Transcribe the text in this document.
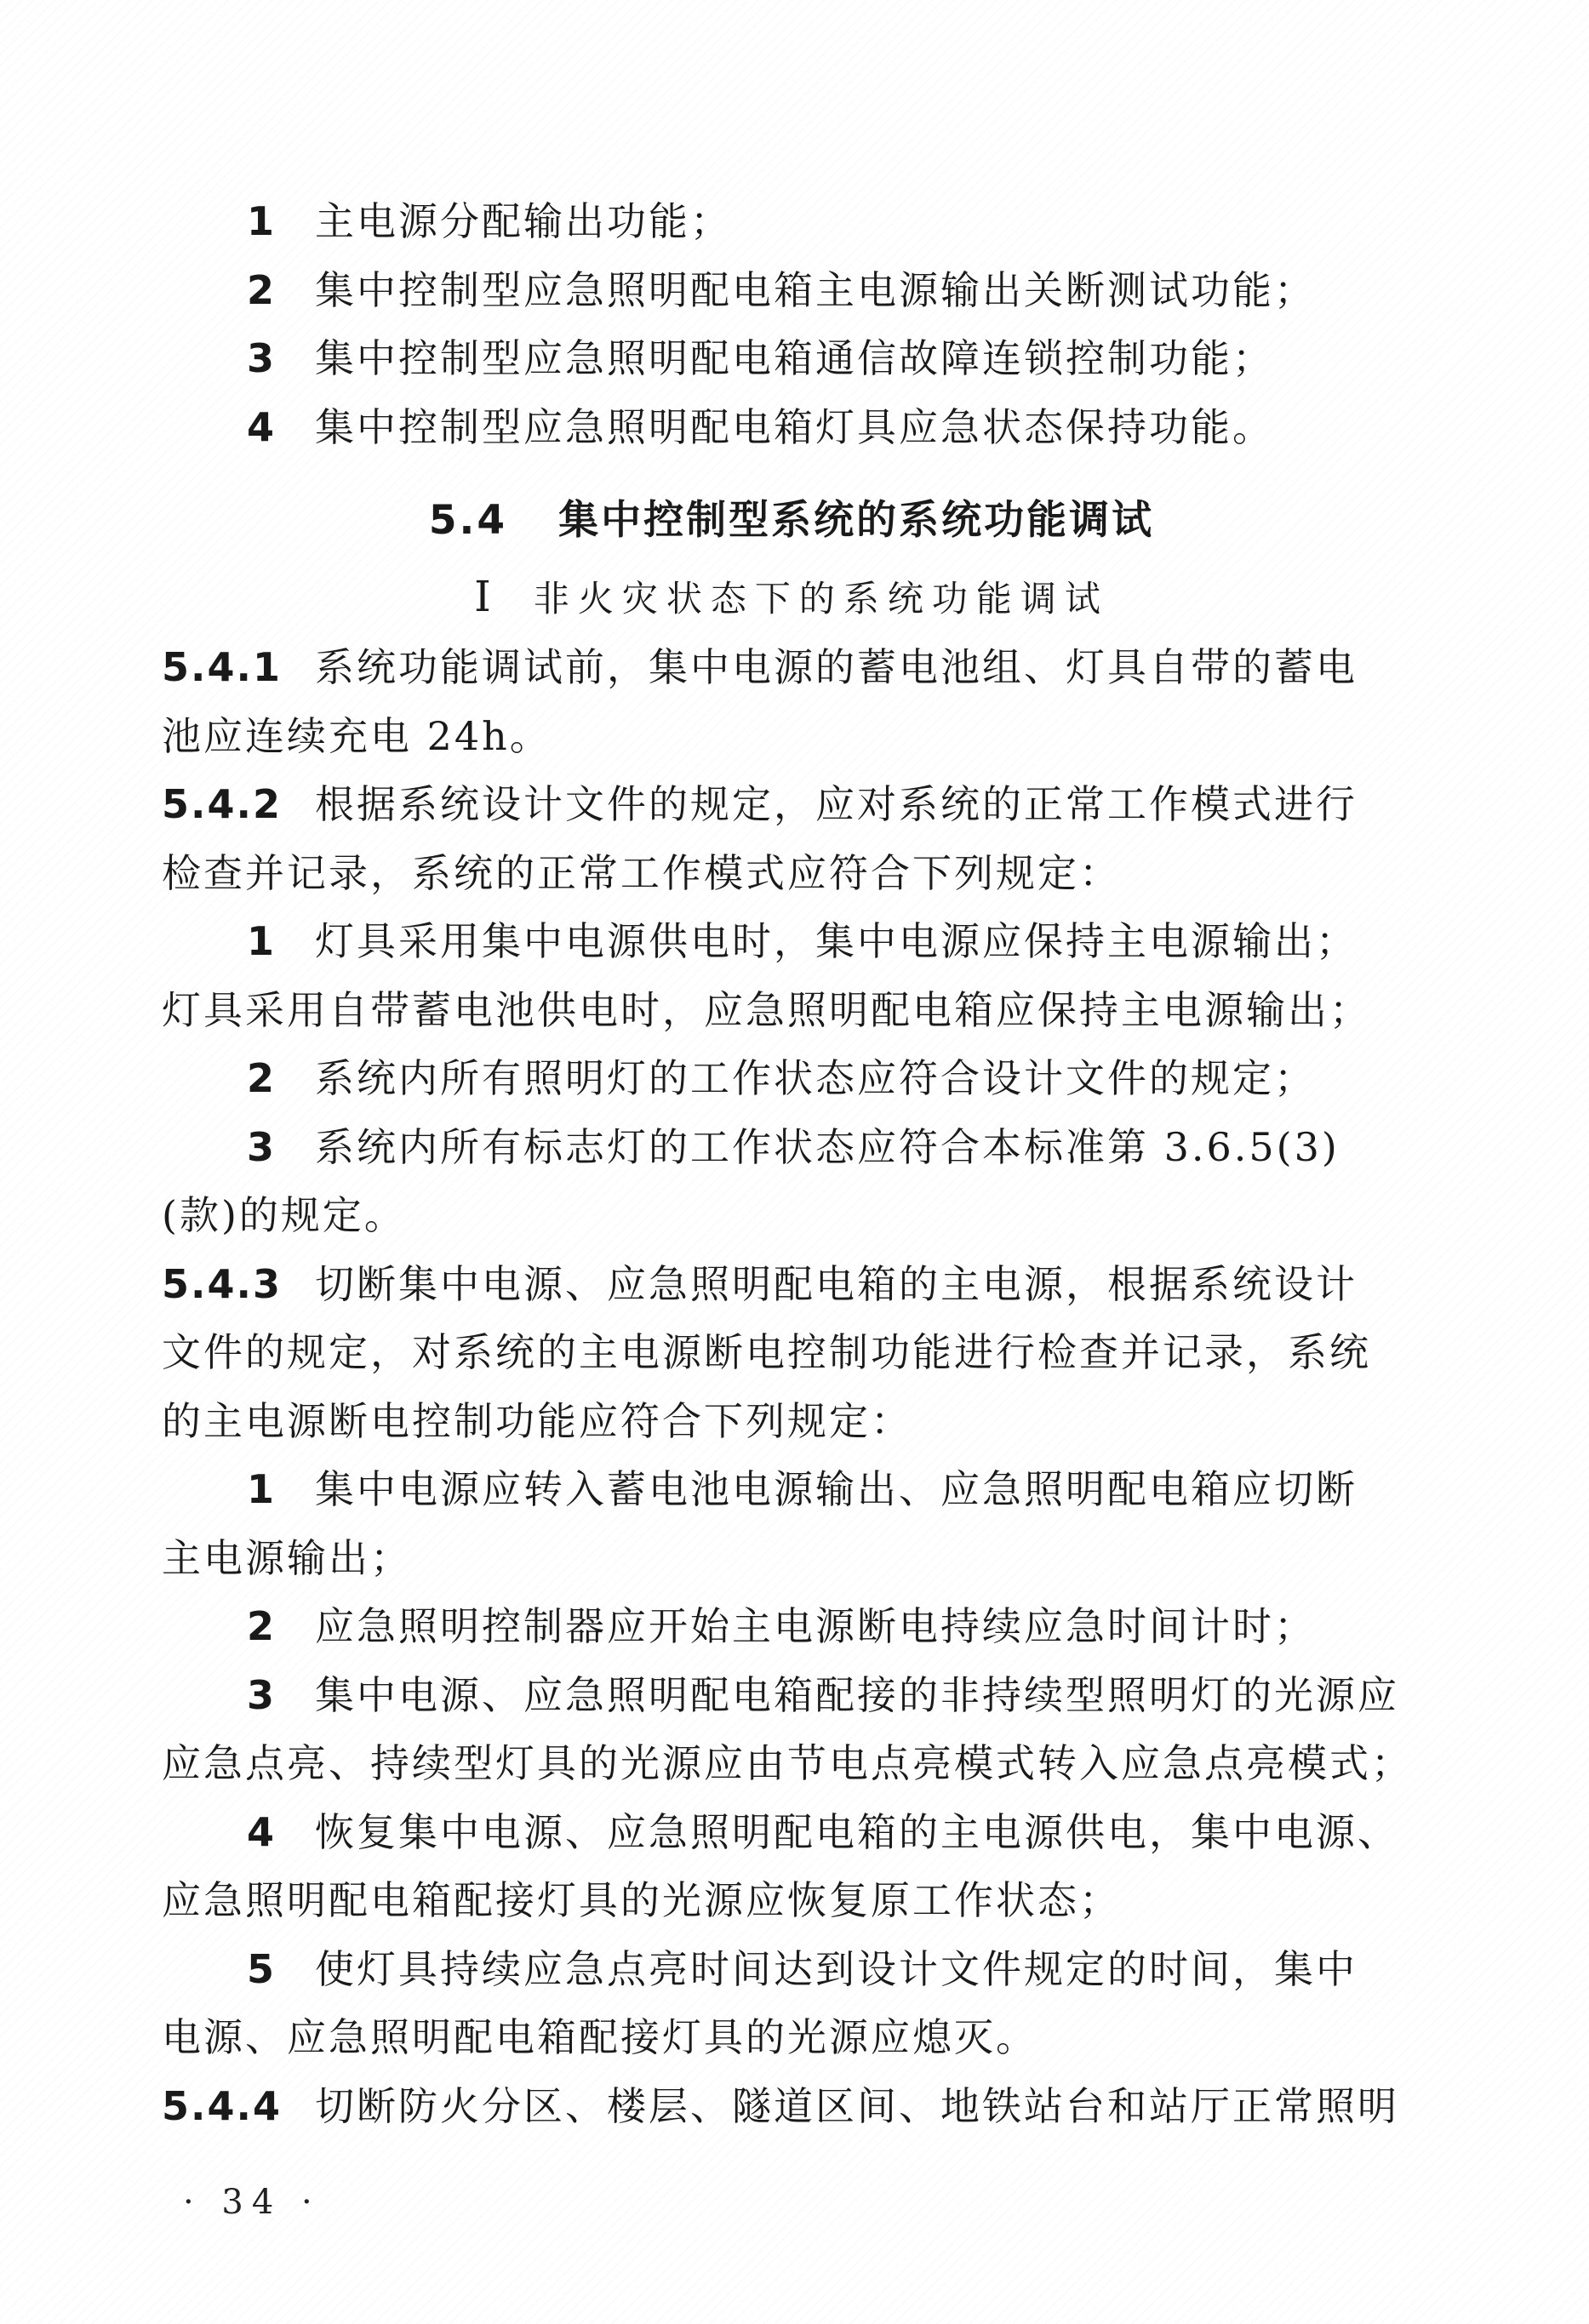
1 主电源分配输出功能；
2 集中控制型应急照明配电箱主电源输出关断测试功能；
3 集中控制型应急照明配电箱通信故障连锁控制功能；
4 集中控制型应急照明配电箱灯具应急状态保持功能。
5.4 集中控制型系统的系统功能调试
Ⅰ 非火灾状态下的系统功能调试
5.4.1 系统功能调试前，集中电源的蓄电池组、灯具自带的蓄电
池应连续充电 24h。
5.4.2 根据系统设计文件的规定，应对系统的正常工作模式进行
检查并记录，系统的正常工作模式应符合下列规定：
1 灯具采用集中电源供电时，集中电源应保持主电源输出；
灯具采用自带蓄电池供电时，应急照明配电箱应保持主电源输出；
2 系统内所有照明灯的工作状态应符合设计文件的规定；
3 系统内所有标志灯的工作状态应符合本标准第 3.6.5(3)
(款)的规定。
5.4.3 切断集中电源、应急照明配电箱的主电源，根据系统设计
文件的规定，对系统的主电源断电控制功能进行检查并记录，系统
的主电源断电控制功能应符合下列规定：
1 集中电源应转入蓄电池电源输出、应急照明配电箱应切断
主电源输出；
2 应急照明控制器应开始主电源断电持续应急时间计时；
3 集中电源、应急照明配电箱配接的非持续型照明灯的光源应
应急点亮、持续型灯具的光源应由节电点亮模式转入应急点亮模式；
4 恢复集中电源、应急照明配电箱的主电源供电，集中电源、
应急照明配电箱配接灯具的光源应恢复原工作状态；
5 使灯具持续应急点亮时间达到设计文件规定的时间，集中
电源、应急照明配电箱配接灯具的光源应熄灭。
5.4.4 切断防火分区、楼层、隧道区间、地铁站台和站厅正常照明
· 34 ·
